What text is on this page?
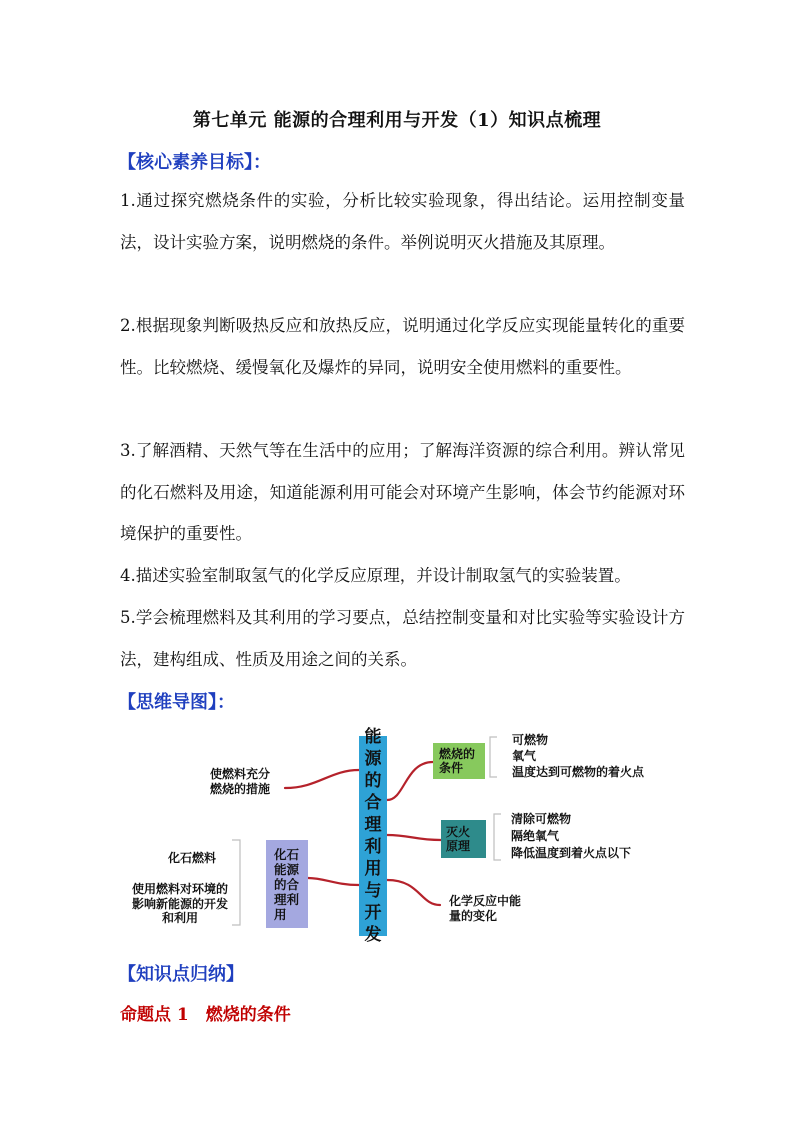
第七单元 能源的合理利用与开发（1）知识点梳理
【核心素养目标】：
1.通过探究燃烧条件的实验，分析比较实验现象，得出结论。运用控制变量法，设计实验方案，说明燃烧的条件。举例说明灭火措施及其原理。
2.根据现象判断吸热反应和放热反应，说明通过化学反应实现能量转化的重要性。比较燃烧、缓慢氧化及爆炸的异同，说明安全使用燃料的重要性。
3.了解酒精、天然气等在生活中的应用；了解海洋资源的综合利用。辨认常见的化石燃料及用途，知道能源利用可能会对环境产生影响，体会节约能源对环境保护的重要性。
4.描述实验室制取氢气的化学反应原理，并设计制取氢气的实验装置。
5.学会梳理燃料及其利用的学习要点，总结控制变量和对比实验等实验设计方法，建构组成、性质及用途之间的关系。
【思维导图】：
能源的合理利用与开发
燃烧的条件
可燃物
氧气
温度达到可燃物的着火点
灭火原理
清除可燃物
隔绝氧气
降低温度到着火点以下
化学反应中能量的变化
使燃料充分燃烧的措施
化石能源的合理利用
化石燃料
使用燃料对环境的影响新能源的开发和利用
【知识点归纳】
命题点 1　燃烧的条件
